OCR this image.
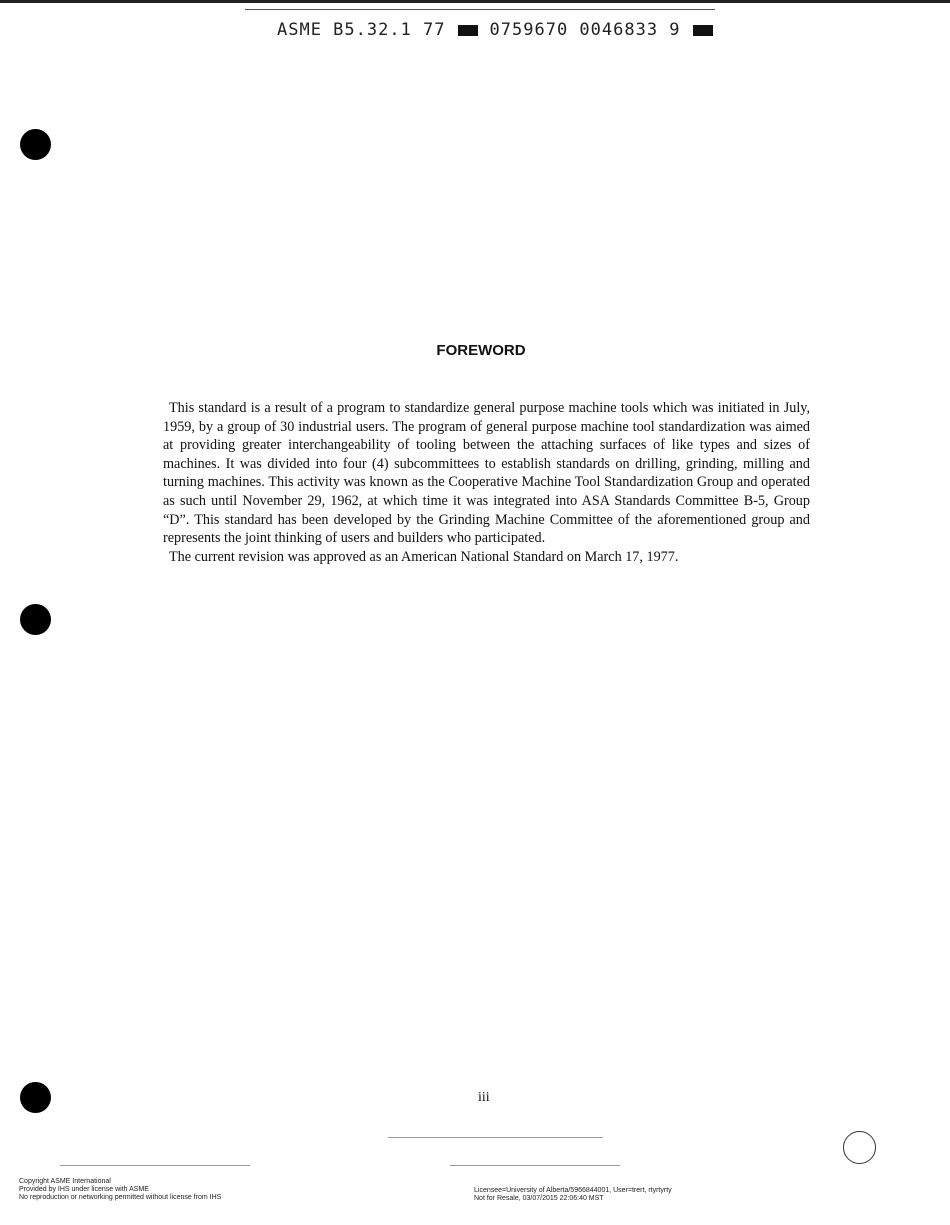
ASME B5.32.1 77	0759670 0046833 9
FOREWORD

This standard is a result of a program to standardize general purpose machine tools which was initiated in July, 1959, by a group of 30 industrial users. The program of general purpose machine tool standardization was aimed at providing greater interchangeability of tooling between the attaching surfaces of like types and sizes of machines. It was divided into four (4) subcommittees to establish standards on drilling, grinding, milling and turning machines. This activity was known as the Cooperative Machine Tool Standardization Group and operated as such until November 29, 1962, at which time it was integrated into ASA Standards Committee B-5, Group “D”. This standard has been developed by the Grinding Machine Committee of the aforementioned group and represents the joint thinking of users and builders who participated.

The current revision was approved as an American National Standard on March 17, 1977.

iii
Copyright ASME International
Provided by IHS under license with ASME
No reproduction or networking permitted without license from IHS
Licensee=University of Alberta/5966844001, User=trert, rtyrtyrty
Not for Resale, 03/07/2015 22:06:40 MST
